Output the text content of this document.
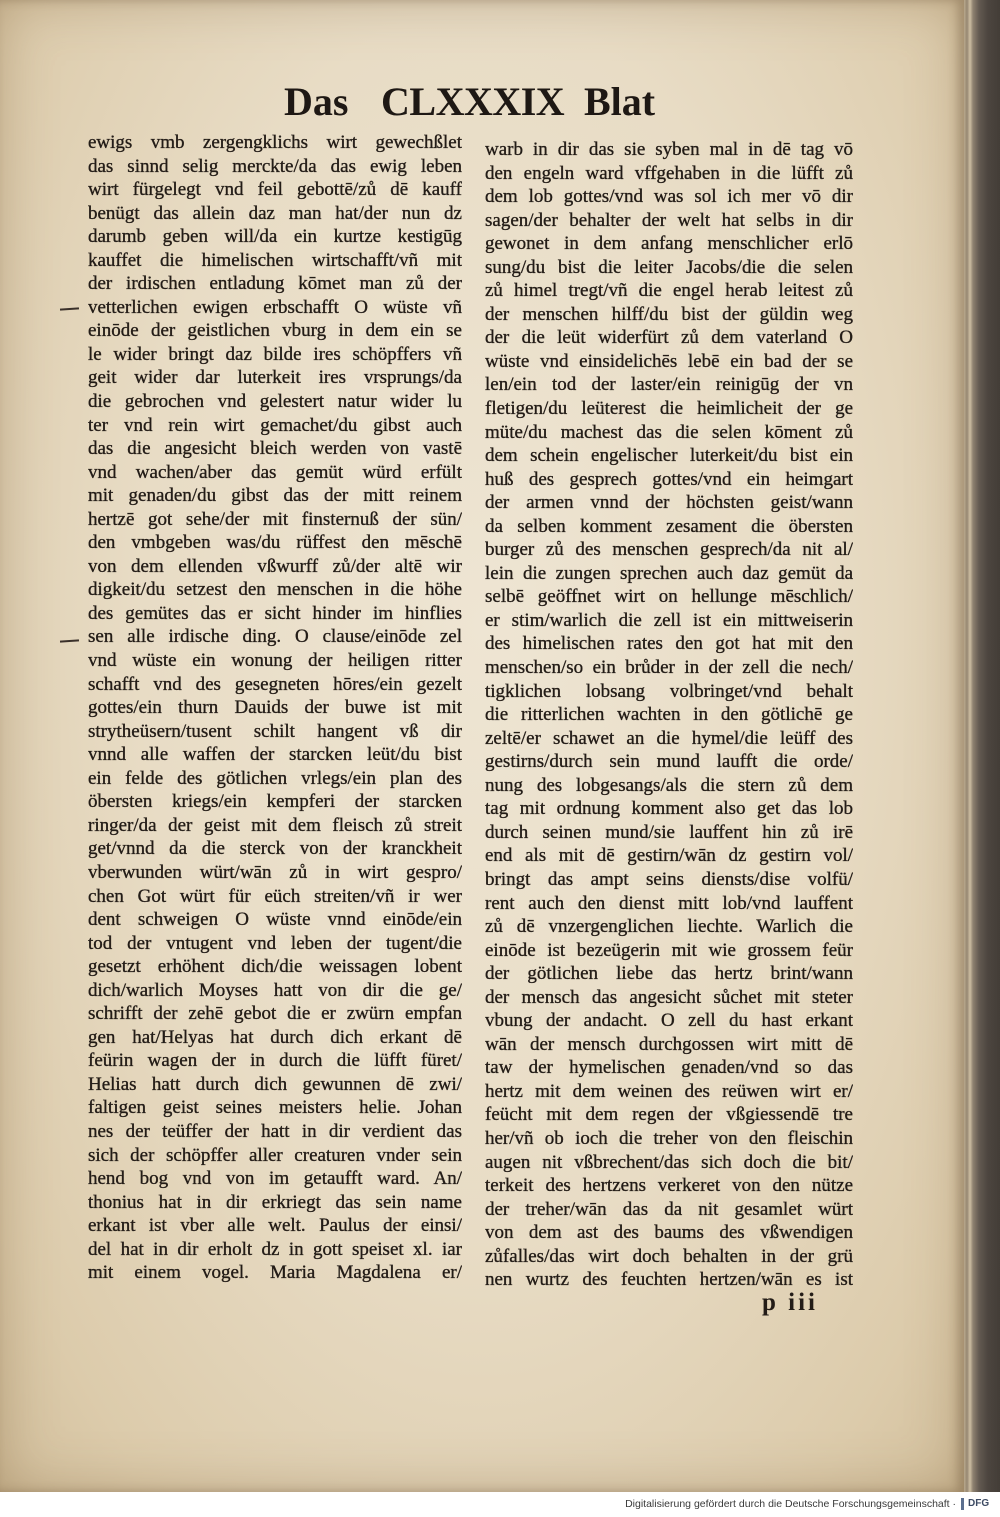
Das CLXXXIX Blat
ewigs vmb zergengklichs wirt gewechßlet
das sinnd selig merckte/da das ewig leben
wirt fürgelegt vnd feil gebottē/zů dē kauff
benügt das allein daz man hat/der nun dz
darumb geben will/da ein kurtze kestigūg
kauffet die himelischen wirtschafft/vñ mit
der irdischen entladung kōmet man zů der
vetterlichen ewigen erbschafft O wüste vñ
einōde der geistlichen vburg in dem ein se
le wider bringt daz bilde ires schöpffers vñ
geit wider dar luterkeit ires vrsprungs/da
die gebrochen vnd gelestert natur wider lu
ter vnd rein wirt gemachet/du gibst auch
das die angesicht bleich werden von vastē
vnd wachen/aber das gemüt würd erfült
mit genaden/du gibst das der mitt reinem
hertzē got sehe/der mit finsternuß der sün/
den vmbgeben was/du rüffest den mēschē
von dem ellenden vßwurff zů/der altē wir
digkeit/du setzest den menschen in die höhe
des gemütes das er sicht hinder im hinflies
sen alle irdische ding. O clause/einōde zel
vnd wüste ein wonung der heiligen ritter
schafft vnd des gesegneten hōres/ein gezelt
gottes/ein thurn Dauids der buwe ist mit
strytheüsern/tusent schilt hangent vß dir
vnnd alle waffen der starcken leüt/du bist
ein felde des götlichen vrlegs/ein plan des
öbersten kriegs/ein kempferi der starcken
ringer/da der geist mit dem fleisch zů streit
get/vnnd da die sterck von der kranckheit
vberwunden würt/wān zů in wirt gespro/
chen Got würt für eüch streiten/vñ ir wer
dent schweigen O wüste vnnd einōde/ein
tod der vntugent vnd leben der tugent/die
gesetzt erhöhent dich/die weissagen lobent
dich/warlich Moyses hatt von dir die ge/
schrifft der zehē gebot die er zwürn empfan
gen hat/Helyas hat durch dich erkant dē
feürin wagen der in durch die lüfft füret/
Helias hatt durch dich gewunnen dē zwi/
faltigen geist seines meisters helie. Johan
nes der teüffer der hatt in dir verdient das
sich der schöpffer aller creaturen vnder sein
hend bog vnd von im getaufft ward. An/
thonius hat in dir erkriegt das sein name
erkant ist vber alle welt. Paulus der einsi/
del hat in dir erholt dz in gott speiset xl. iar
mit einem vogel. Maria Magdalena er/
warb in dir das sie syben mal in dē tag vō
den engeln ward vffgehaben in die lüfft zů
dem lob gottes/vnd was sol ich mer vō dir
sagen/der behalter der welt hat selbs in dir
gewonet in dem anfang menschlicher erlō
sung/du bist die leiter Jacobs/die die selen
zů himel tregt/vñ die engel herab leitest zů
der menschen hilff/du bist der güldin weg
der die leüt widerfürt zů dem vaterland O
wüste vnd einsidelichēs lebē ein bad der se
len/ein tod der laster/ein reinigūg der vn
fletigen/du leüterest die heimlicheit der ge
müte/du machest das die selen kōment zů
dem schein engelischer luterkeit/du bist ein
huß des gesprech gottes/vnd ein heimgart
der armen vnnd der höchsten geist/wann
da selben komment zesament die öbersten
burger zů des menschen gesprech/da nit al/
lein die zungen sprechen auch daz gemüt da
selbē geöffnet wirt on hellunge mēschlich/
er stim/warlich die zell ist ein mittweiserin
des himelischen rates den got hat mit den
menschen/so ein brůder in der zell die nech/
tigklichen lobsang volbringet/vnd behalt
die ritterlichen wachten in den götlichē ge
zeltē/er schawet an die hymel/die leüff des
gestirns/durch sein mund laufft die orde/
nung des lobgesangs/als die stern zů dem
tag mit ordnung komment also get das lob
durch seinen mund/sie lauffent hin zů irē
end als mit dē gestirn/wān dz gestirn vol/
bringt das ampt seins diensts/dise volfü/
rent auch den dienst mitt lob/vnd lauffent
zů dē vnzergenglichen liechte. Warlich die
einōde ist bezeügerin mit wie grossem feür
der götlichen liebe das hertz brint/wann
der mensch das angesicht sůchet mit steter
vbung der andacht. O zell du hast erkant
wān der mensch durchgossen wirt mitt dē
taw der hymelischen genaden/vnd so das
hertz mit dem weinen des reüwen wirt er/
feücht mit dem regen der vßgiessendē tre
her/vñ ob ioch die treher von den fleischin
augen nit vßbrechent/das sich doch die bit/
terkeit des hertzens verkeret von den nütze
der treher/wān das da nit gesamlet würt
von dem ast des baums des vßwendigen
zůfalles/das wirt doch behalten in der grü
nen wurtz des feuchten hertzen/wān es ist
p iii
Digitalisierung gefördert durch die Deutsche Forschungsgemeinschaft ·	DFG
